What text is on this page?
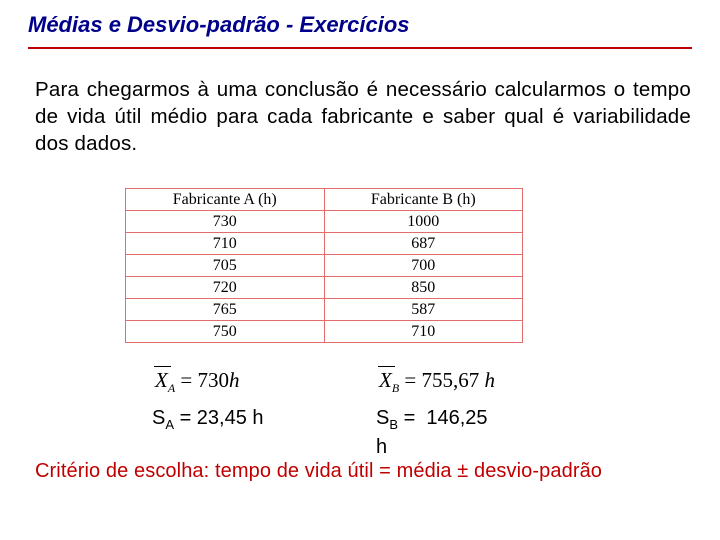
Médias e Desvio-padrão - Exercícios
Para chegarmos à uma conclusão é necessário calcularmos o tempo de vida útil médio para cada fabricante e saber qual é variabilidade dos dados.
Fabricante A (h)	Fabricante B (h)
730	1000
710	687
705	700
720	850
765	587
750	710
$X_A = 730h$	$X_B = 755,67$ h
$S_A = 23,45$ h	$S_B = 146,25$
h
Critério de escolha: tempo de vida útil = média ± desvio-padrão
